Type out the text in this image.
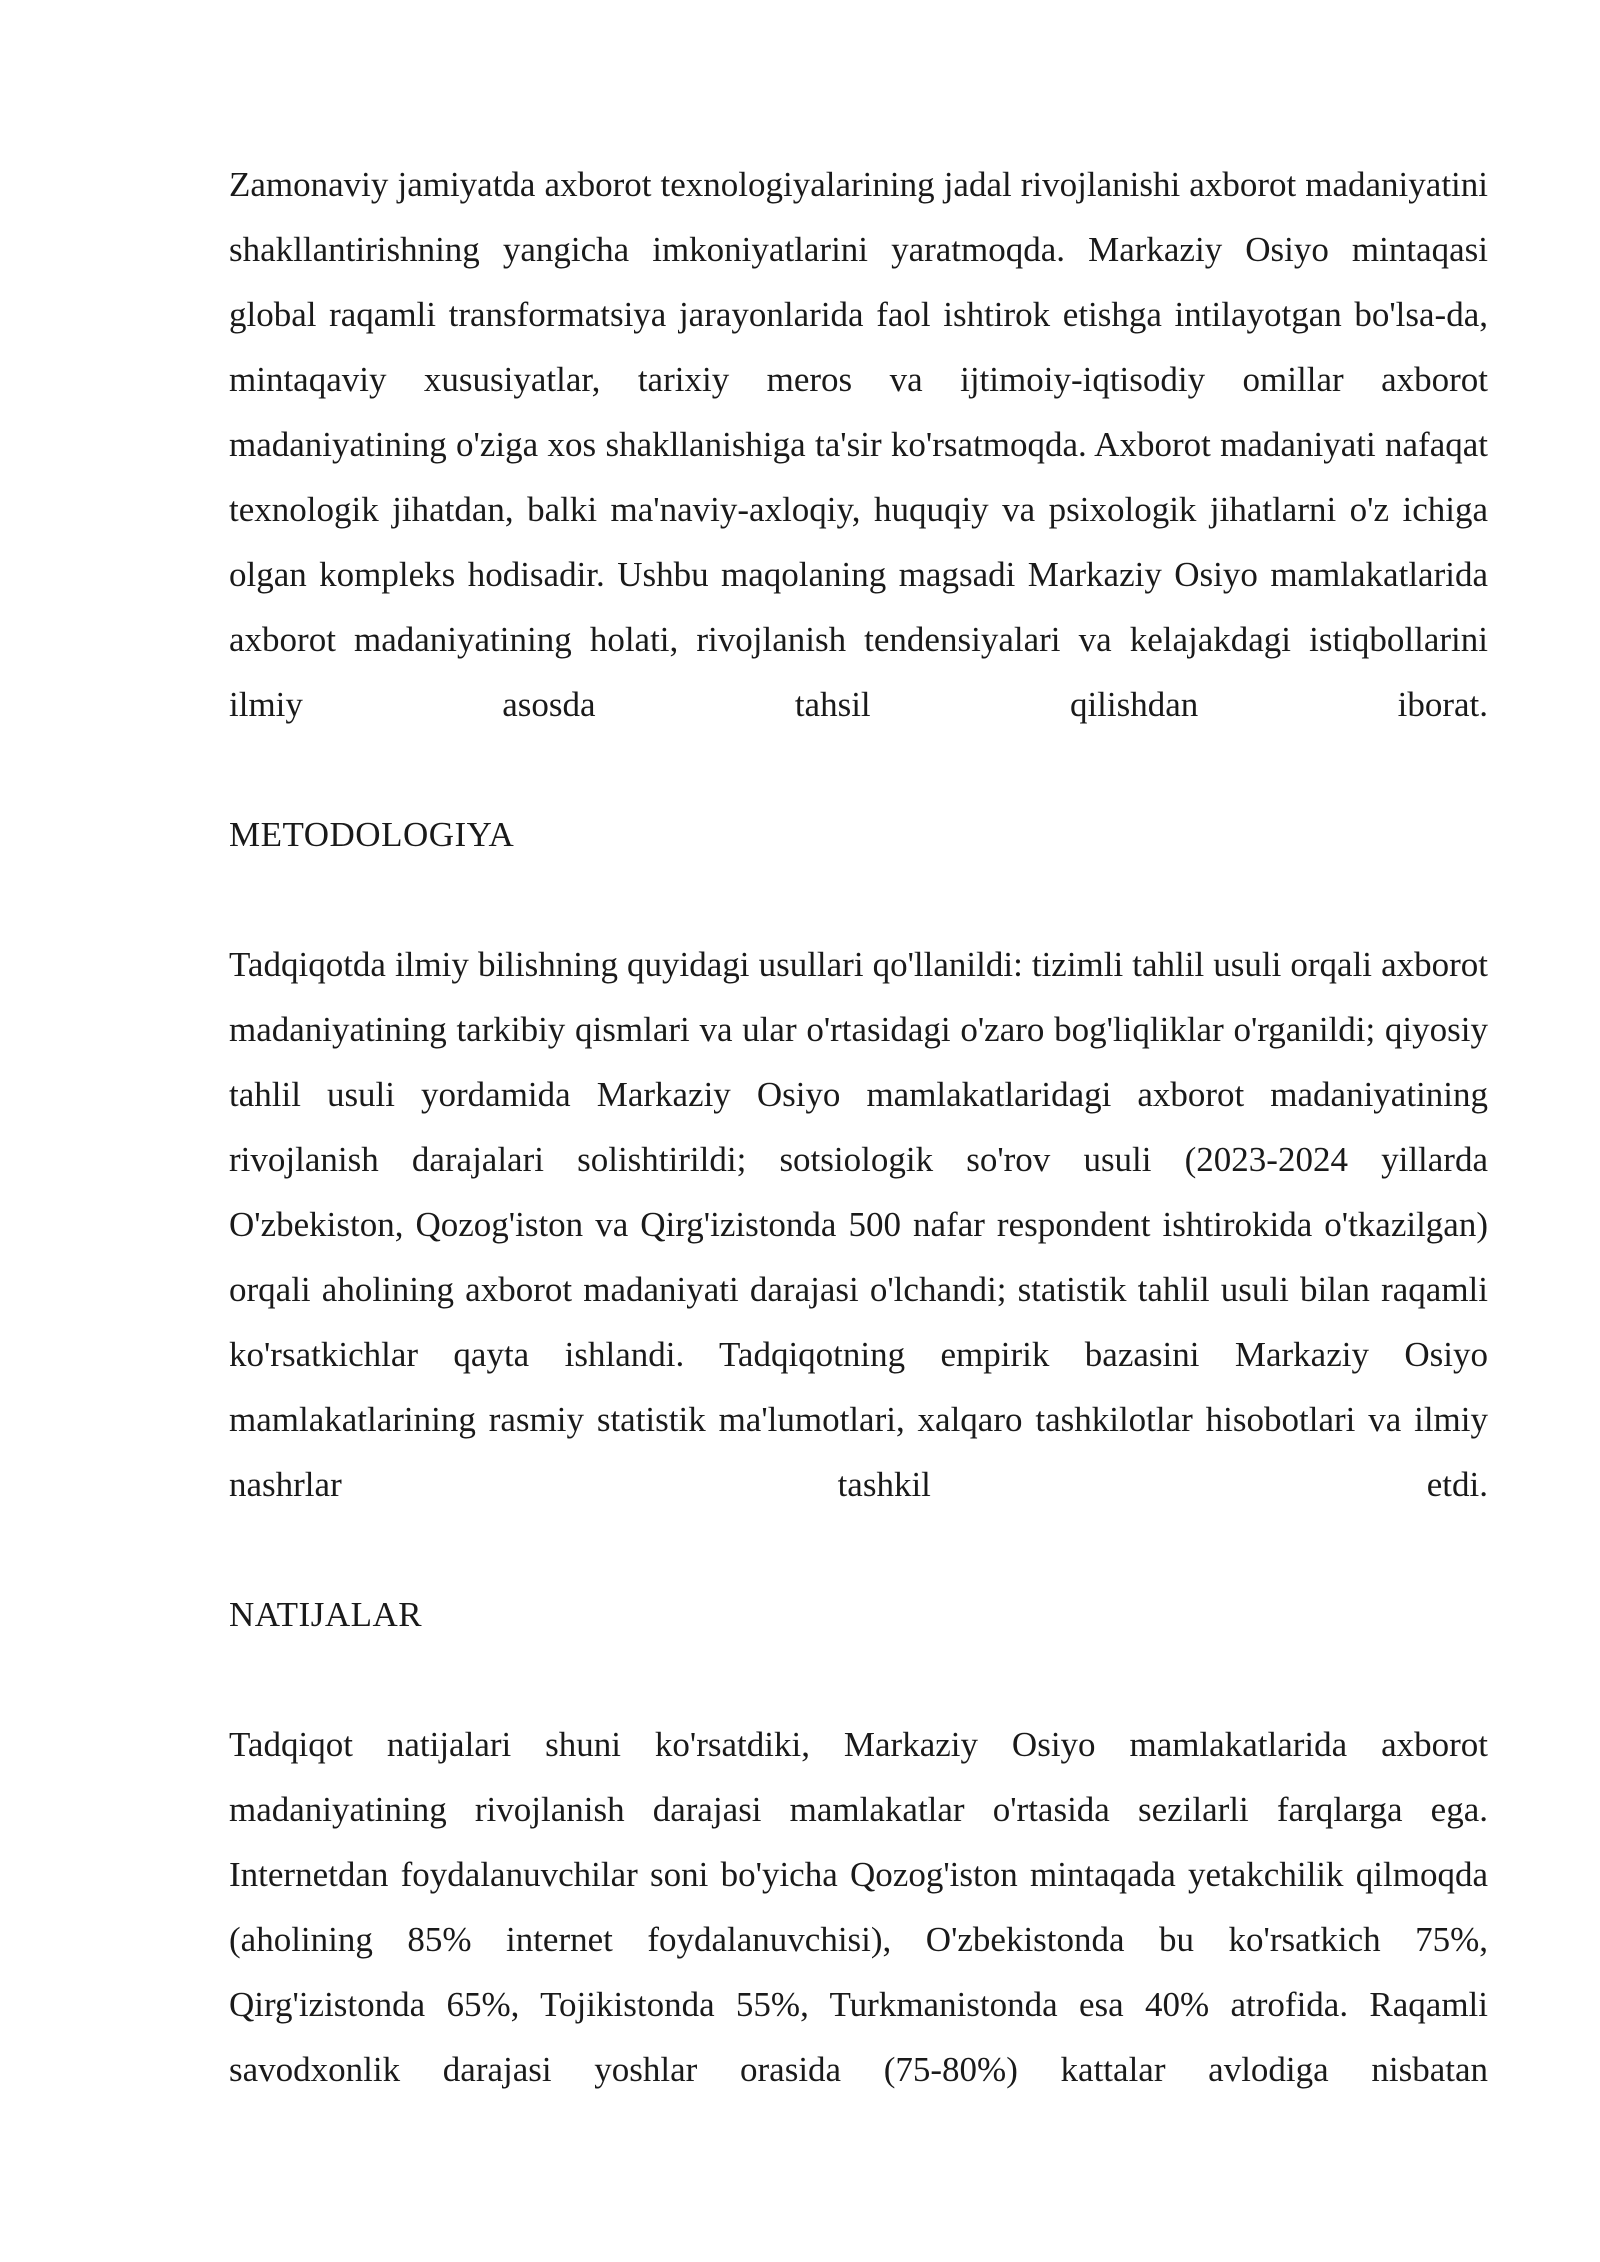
Zamonaviy jamiyatda axborot texnologiyalarining jadal rivojlanishi axborot madaniyatini shakllantirishning yangicha imkoniyatlarini yaratmoqda. Markaziy Osiyo mintaqasi global raqamli transformatsiya jarayonlarida faol ishtirok etishga intilayotgan bo'lsa-da, mintaqaviy xususiyatlar, tarixiy meros va ijtimoiy-iqtisodiy omillar axborot madaniyatining o'ziga xos shakllanishiga ta'sir ko'rsatmoqda. Axborot madaniyati nafaqat texnologik jihatdan, balki ma'naviy-axloqiy, huquqiy va psixologik jihatlarni o'z ichiga olgan kompleks hodisadir. Ushbu maqolaning magsadi Markaziy Osiyo mamlakatlarida axborot madaniyatining holati, rivojlanish tendensiyalari va kelajakdagi istiqbollarini ilmiy asosda tahsil qilishdan iborat.

METODOLOGIYA

Tadqiqotda ilmiy bilishning quyidagi usullari qo'llanildi: tizimli tahlil usuli orqali axborot madaniyatining tarkibiy qismlari va ular o'rtasidagi o'zaro bog'liqliklar o'rganildi; qiyosiy tahlil usuli yordamida Markaziy Osiyo mamlakatlaridagi axborot madaniyatining rivojlanish darajalari solishtirildi; sotsiologik so'rov usuli (2023-2024 yillarda O'zbekiston, Qozog'iston va Qirg'izistonda 500 nafar respondent ishtirokida o'tkazilgan) orqali aholining axborot madaniyati darajasi o'lchandi; statistik tahlil usuli bilan raqamli ko'rsatkichlar qayta ishlandi. Tadqiqotning empirik bazasini Markaziy Osiyo mamlakatlarining rasmiy statistik ma'lumotlari, xalqaro tashkilotlar hisobotlari va ilmiy nashrlar tashkil etdi.

NATIJALAR

Tadqiqot natijalari shuni ko'rsatdiki, Markaziy Osiyo mamlakatlarida axborot madaniyatining rivojlanish darajasi mamlakatlar o'rtasida sezilarli farqlarga ega. Internetdan foydalanuvchilar soni bo'yicha Qozog'iston mintaqada yetakchilik qilmoqda (aholining 85% internet foydalanuvchisi), O'zbekistonda bu ko'rsatkich 75%, Qirg'izistonda 65%, Tojikistonda 55%, Turkmanistonda esa 40% atrofida. Raqamli savodxonlik darajasi yoshlar orasida (75-80%) kattalar avlodiga nisbatan
